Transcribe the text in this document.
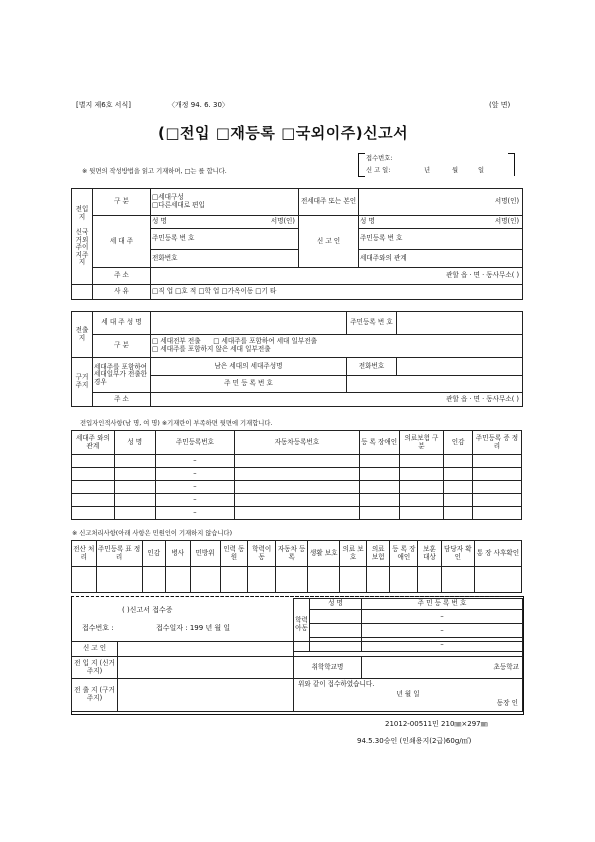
[별지 제6호 서식]	〈개정 94. 6. 30〉	(앞 면)
(□전입 □재등록 □국외이주)신고서
※ 뒷면의 작성방법을 읽고 기재하며, □는 를 합니다.
접수번호:
신 고 일:	년	월	일
전입지

신국거외주이지주지	구 분	□세대구성
□다른세대로 편입	전세대주 또는 본인	서명(인)
	세 대 주	성 명 서명(인)	신 고 인	성 명 서명(인)
		주민등록 번 호		주민등록 번 호
		전화번호		세대주와의 관계
	주 소	관할 읍 · 면 · 동사무소( )		
	사 유	□직 업 □호 적 □학 업 □가옥이동 □기 타		
전출지	세 대 주 성 명		주민등록 번 호	
	구 분	□ 세대전부 전출 □ 세대주를 포함하여 세대 일부전출
□ 세대주를 포함하지 않은 세대 일부전출		
구거주지	세대주를 포함하여 세대일부가 전출한 경우	남은 세대의 세대주성명	전화번호	
		주 민 등 록 번 호		
	주 소	관할 읍 · 면 · 동사무소( )		
전입자인적사항(남 명, 여 명) ※기재란이 부족하면 뒷면에 기재합니다.
세대주 와의관계	성 명	주민등록번호	자동차등록번호	등 록 장애인	의료보험 구 분	인감	주민등록 증 정 리
		–					
		–					
		–					
		–					
		–					
※ 신고처리사항(아래 사항은 민원인이 기재하지 않습니다)
전산 처리	주민등록 표 정 리	인감	병사	민방위	인력 동원	학력이 동	자동차 등록	생활 보호	의료 보호	의료 보험	등 록 장애인	보훈 대상	담당자 확 인	통 장 사후확인

( )신고서 접수증
접수번호 :	접수일자 : 199 년 월 일
학력아동	성 명	주 민 등 록 번 호
		–
		–
		–
신 고 인			
전 입 지 (신거주지)		취학학교명	초등학교
전 출 지 (구거주지)		위와 같이 접수하였습니다.
년 월 일
동장 인	
21012-00511민 210㎜×297㎜
94.5.30승인 (인쇄용지(2급)60g/㎡)
